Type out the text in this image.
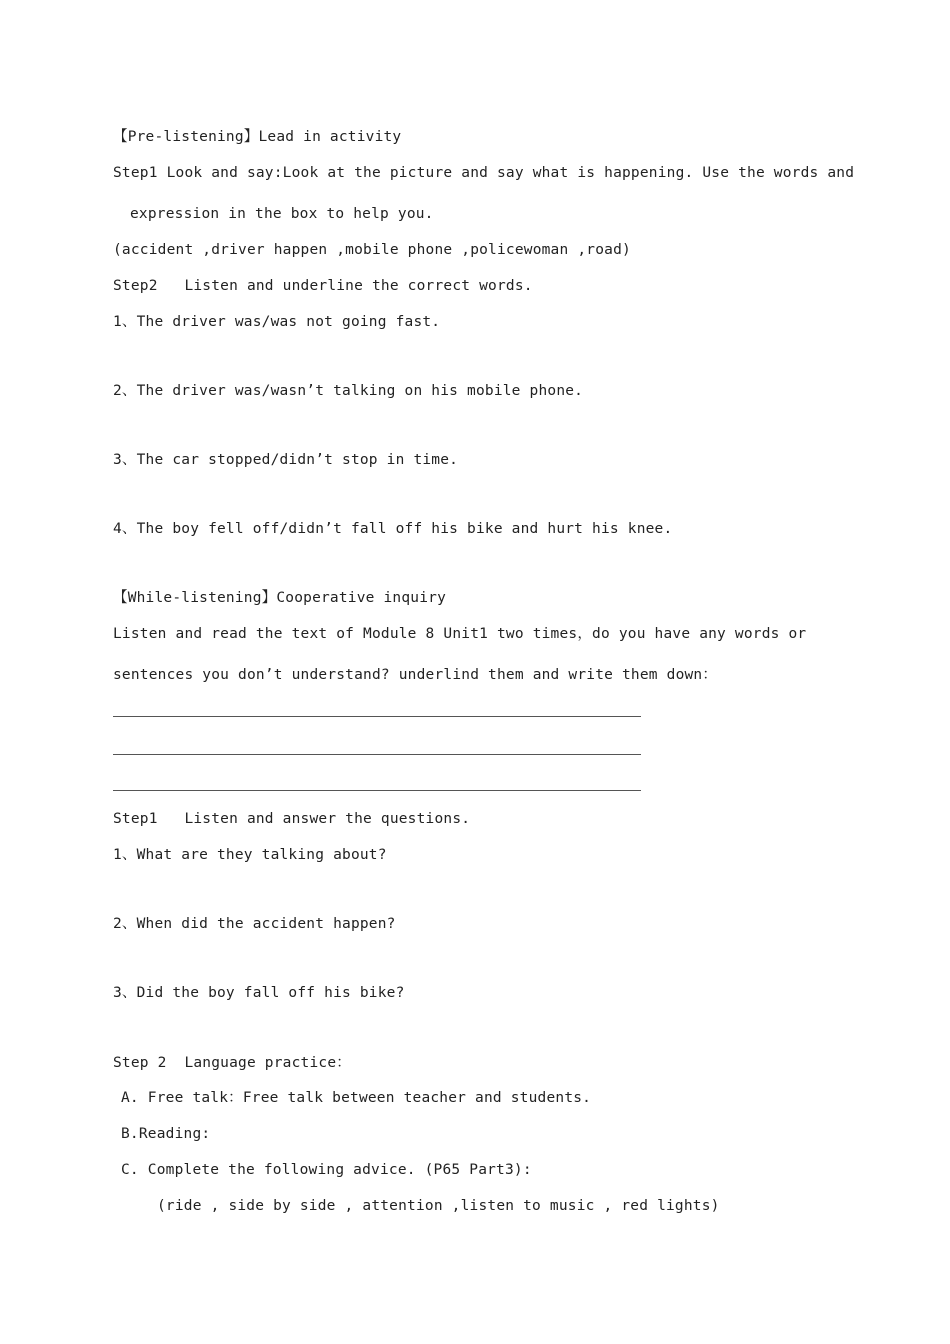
【Pre-listening】Lead in activity
Step1 Look and say:Look at the picture and say what is happening. Use the words and
expression in the box to help you.
(accident ,driver happen ,mobile phone ,policewoman ,road)
Step2   Listen and underline the correct words.
1、The driver was/was not going fast.
2、The driver was/wasn’t talking on his mobile phone.
3、The car stopped/didn’t stop in time.
4、The boy fell off/didn’t fall off his bike and hurt his knee.
【While-listening】Cooperative inquiry
Listen and read the text of Module 8 Unit1 two times，do you have any words or
sentences you don’t understand? underlind them and write them down：
Step1   Listen and answer the questions.
1、What are they talking about?
2、When did the accident happen?
3、Did the boy fall off his bike?
Step 2  Language practice：
A. Free talk：Free talk between teacher and students.
B.Reading:
C. Complete the following advice. (P65 Part3):
(ride , side by side , attention ,listen to music , red lights)
